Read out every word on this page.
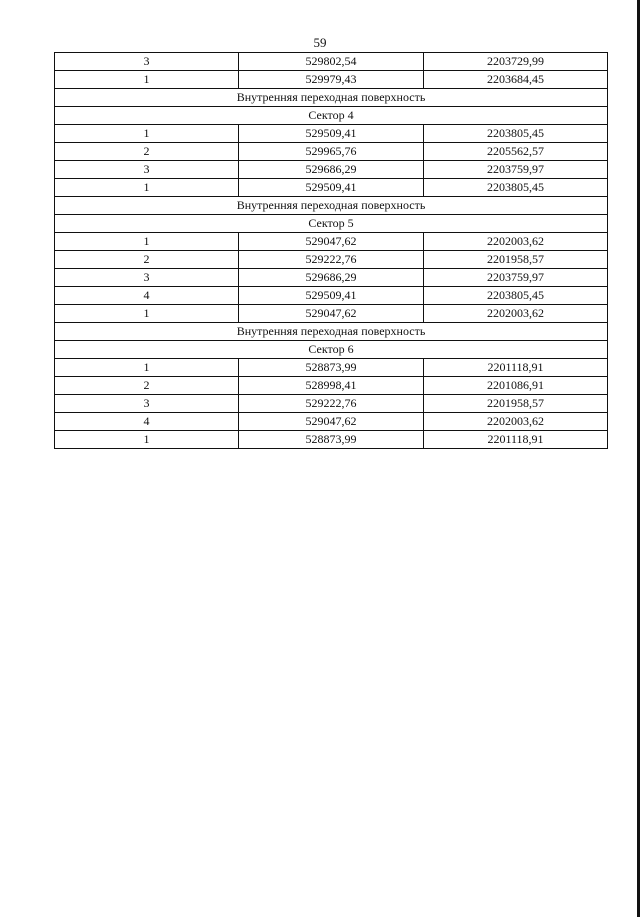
59
3	529802,54	2203729,99
1	529979,43	2203684,45
Внутренняя переходная поверхность		
Сектор 4		
1	529509,41	2203805,45
2	529965,76	2205562,57
3	529686,29	2203759,97
1	529509,41	2203805,45
Внутренняя переходная поверхность		
Сектор 5		
1	529047,62	2202003,62
2	529222,76	2201958,57
3	529686,29	2203759,97
4	529509,41	2203805,45
1	529047,62	2202003,62
Внутренняя переходная поверхность		
Сектор 6		
1	528873,99	2201118,91
2	528998,41	2201086,91
3	529222,76	2201958,57
4	529047,62	2202003,62
1	528873,99	2201118,91
